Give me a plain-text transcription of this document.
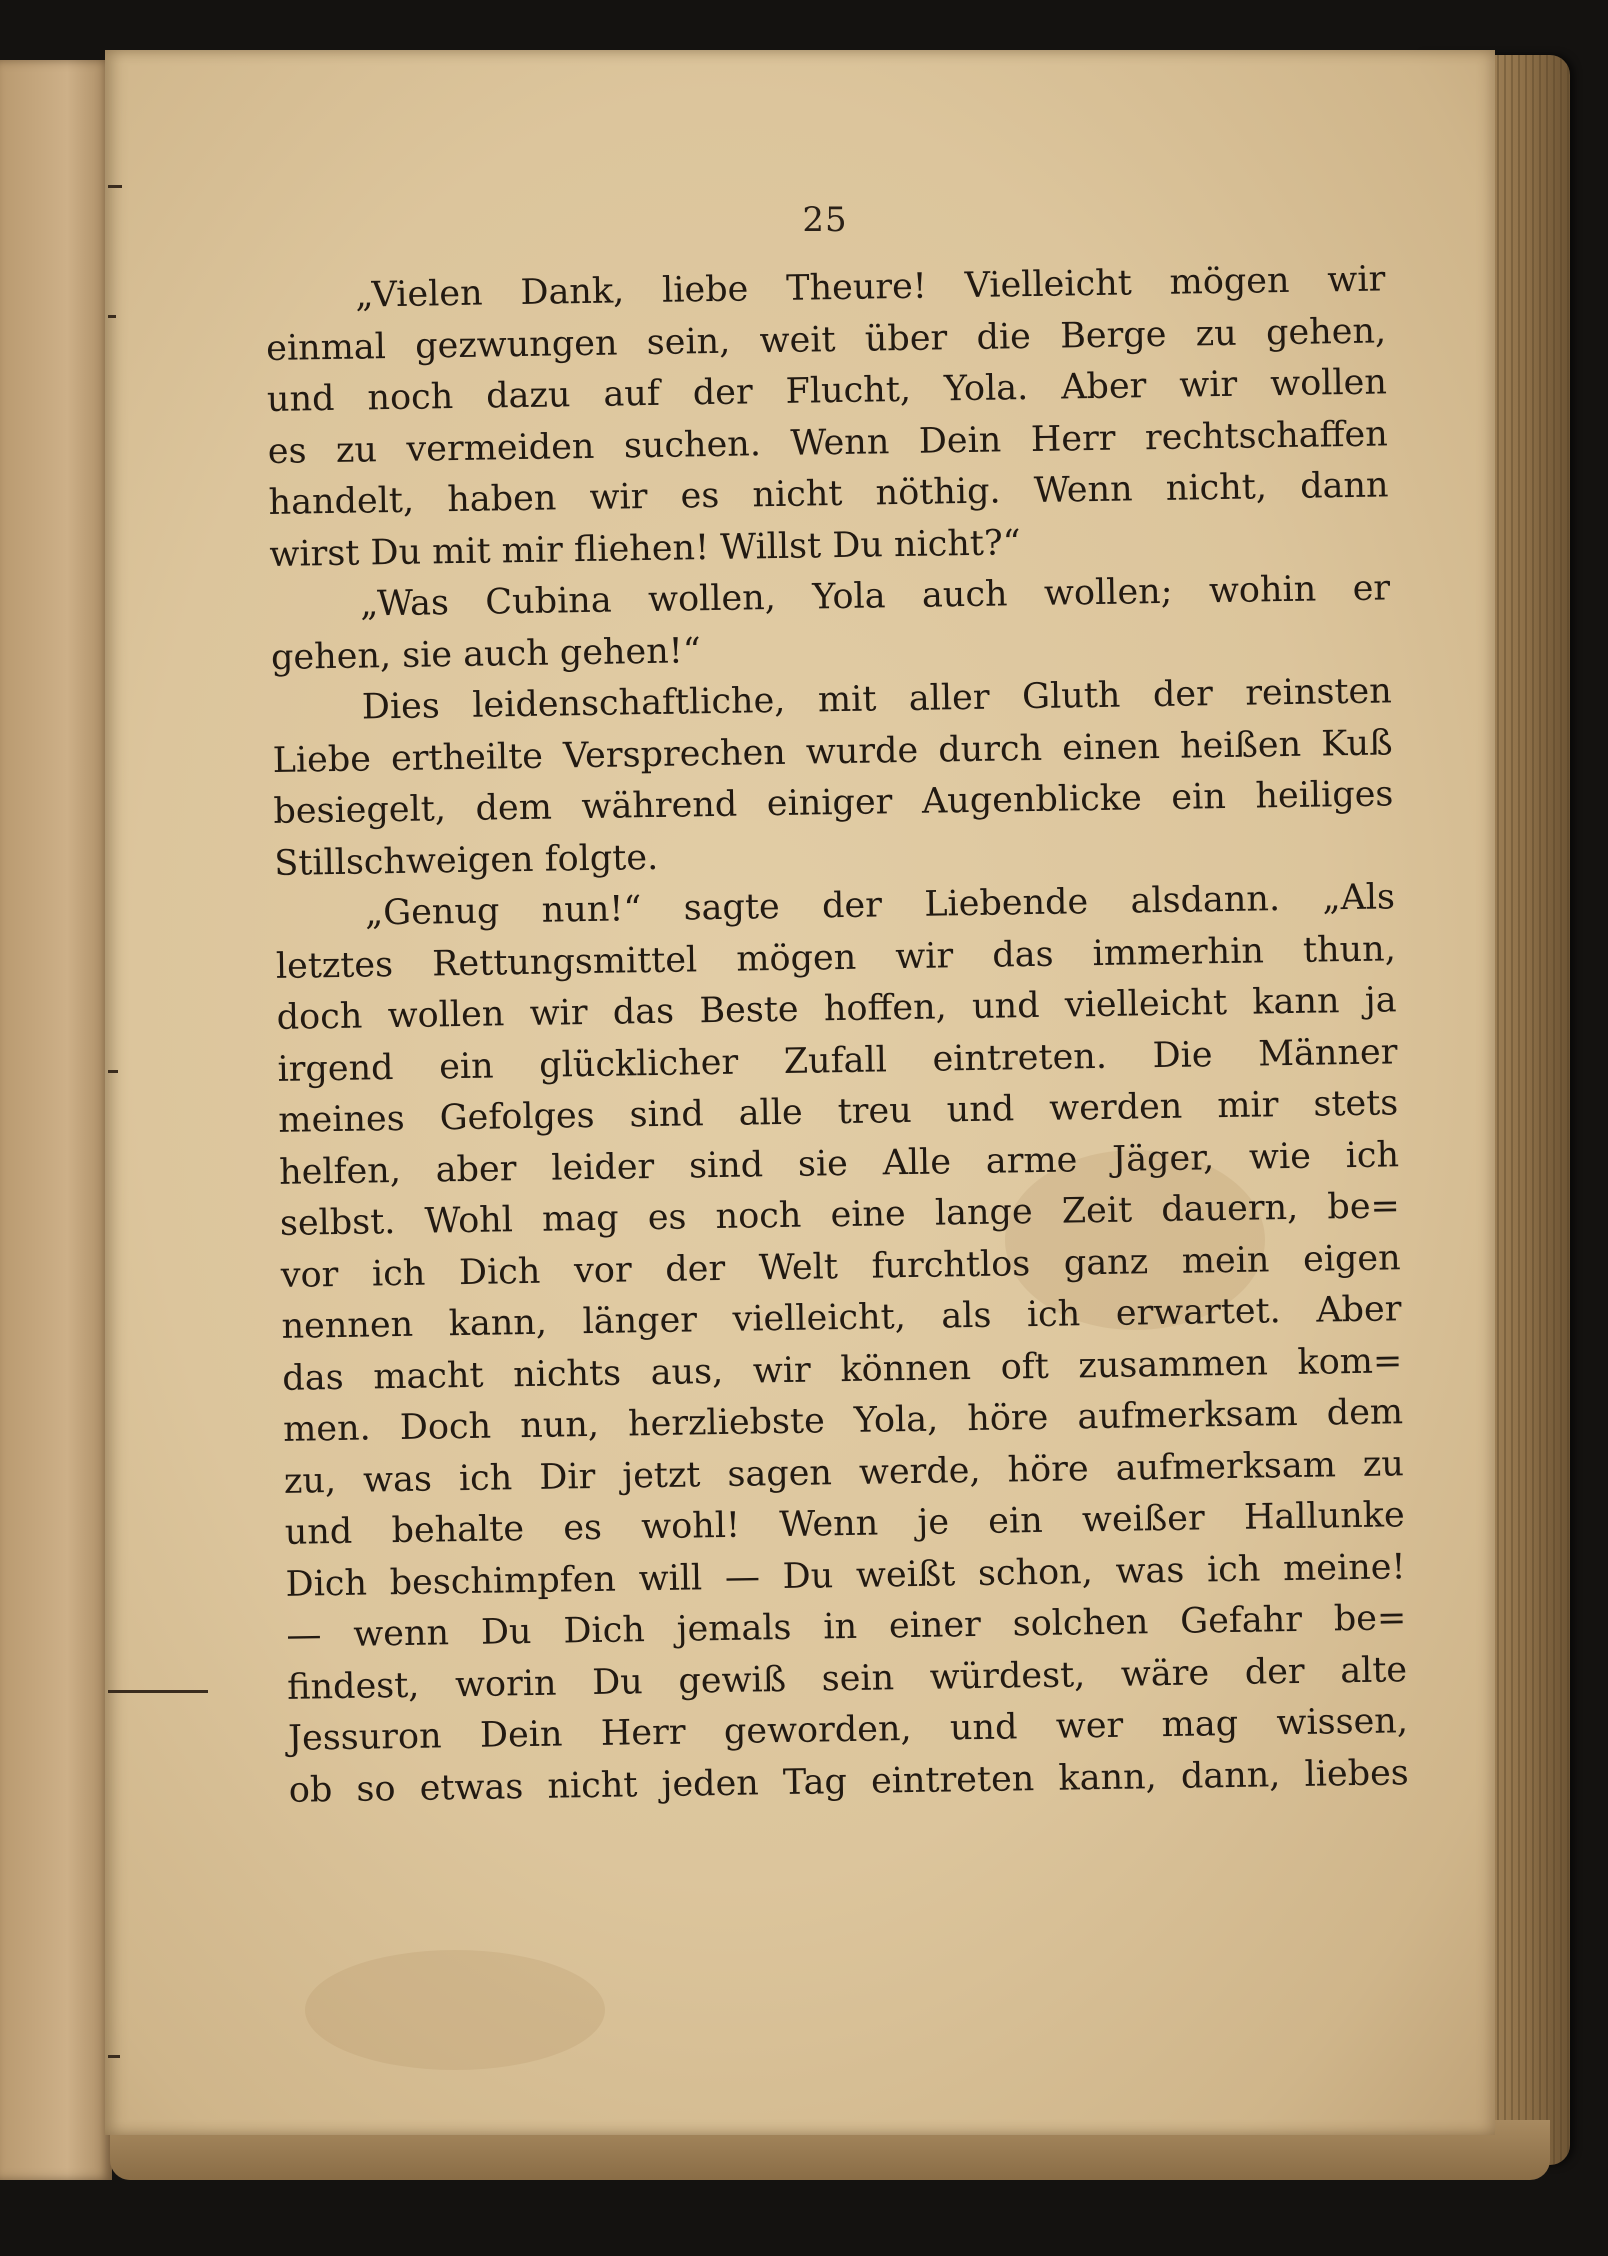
25

„Vielen Dank, liebe Theure! Vielleicht mögen wir
einmal gezwungen sein, weit über die Berge zu gehen,
und noch dazu auf der Flucht, Yola. Aber wir wollen
es zu vermeiden suchen. Wenn Dein Herr rechtschaffen
handelt, haben wir es nicht nöthig. Wenn nicht, dann
wirst Du mit mir fliehen! Willst Du nicht?“

„Was Cubina wollen, Yola auch wollen; wohin er
gehen, sie auch gehen!“

Dies leidenschaftliche, mit aller Gluth der reinsten
Liebe ertheilte Versprechen wurde durch einen heißen Kuß
besiegelt, dem während einiger Augenblicke ein heiliges
Stillschweigen folgte.

„Genug nun!“ sagte der Liebende alsdann. „Als
letztes Rettungsmittel mögen wir das immerhin thun,
doch wollen wir das Beste hoffen, und vielleicht kann ja
irgend ein glücklicher Zufall eintreten. Die Männer
meines Gefolges sind alle treu und werden mir stets
helfen, aber leider sind sie Alle arme Jäger, wie ich
selbst. Wohl mag es noch eine lange Zeit dauern, be=
vor ich Dich vor der Welt furchtlos ganz mein eigen
nennen kann, länger vielleicht, als ich erwartet. Aber
das macht nichts aus, wir können oft zusammen kom=
men. Doch nun, herzliebste Yola, höre aufmerksam dem
zu, was ich Dir jetzt sagen werde, höre aufmerksam zu
und behalte es wohl! Wenn je ein weißer Hallunke
Dich beschimpfen will — Du weißt schon, was ich meine!
— wenn Du Dich jemals in einer solchen Gefahr be=
findest, worin Du gewiß sein würdest, wäre der alte
Jessuron Dein Herr geworden, und wer mag wissen,
ob so etwas nicht jeden Tag eintreten kann, dann, liebes
